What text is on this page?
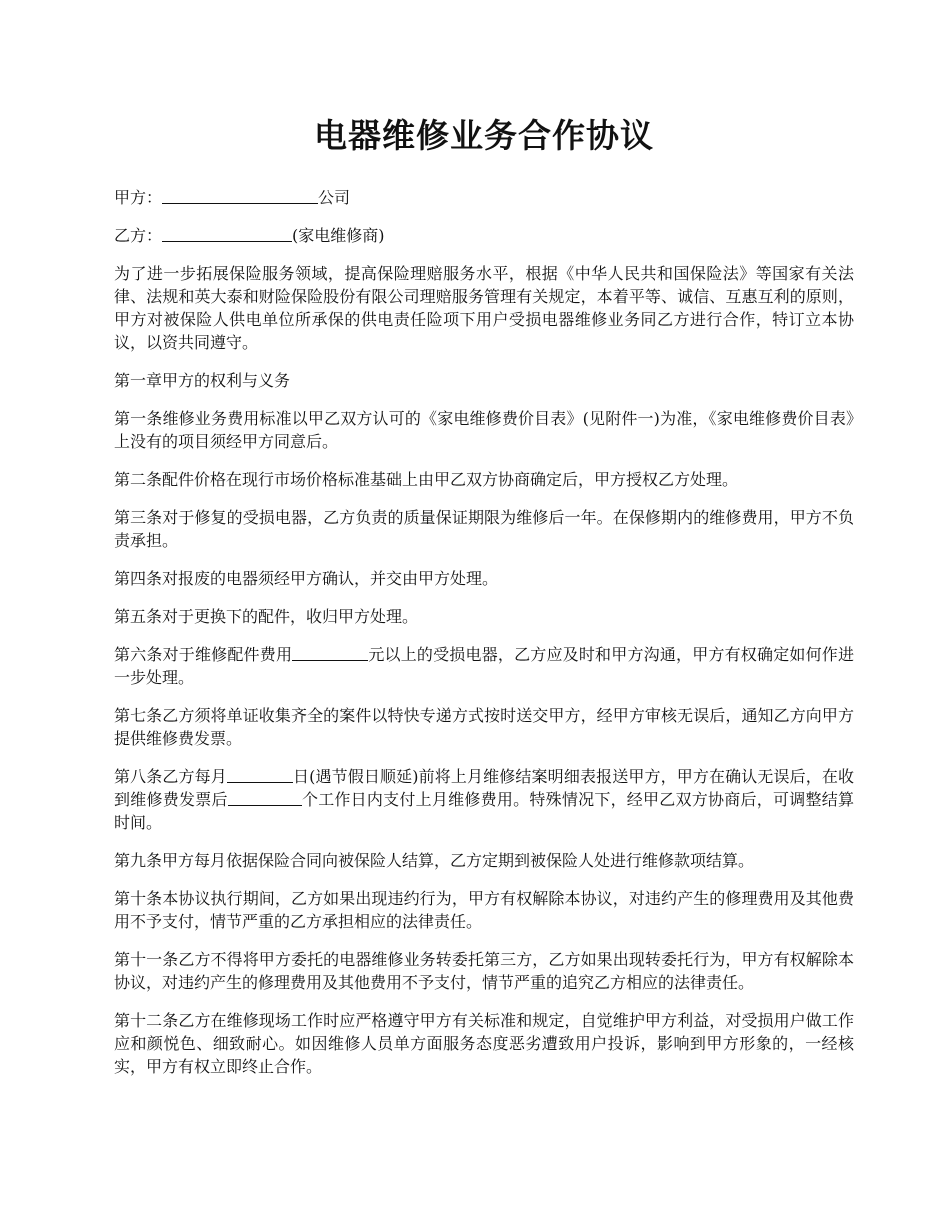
电器维修业务合作协议

甲方：	公司

乙方：	(家电维修商)

为了进一步拓展保险服务领域，提高保险理赔服务水平，根据《中华人民共和国保险法》等国家有关法律、法规和英大泰和财险保险股份有限公司理赔服务管理有关规定，本着平等、诚信、互惠互利的原则，甲方对被保险人供电单位所承保的供电责任险项下用户受损电器维修业务同乙方进行合作，特订立本协议，以资共同遵守。

第一章甲方的权利与义务

第一条维修业务费用标准以甲乙双方认可的《家电维修费价目表》(见附件一)为准，《家电维修费价目表》上没有的项目须经甲方同意后。

第二条配件价格在现行市场价格标准基础上由甲乙双方协商确定后，甲方授权乙方处理。

第三条对于修复的受损电器，乙方负责的质量保证期限为维修后一年。在保修期内的维修费用，甲方不负责承担。

第四条对报废的电器须经甲方确认，并交由甲方处理。

第五条对于更换下的配件，收归甲方处理。

第六条对于维修配件费用	元以上的受损电器，乙方应及时和甲方沟通，甲方有权确定如何作进一步处理。

第七条乙方须将单证收集齐全的案件以特快专递方式按时送交甲方，经甲方审核无误后，通知乙方向甲方提供维修费发票。

第八条乙方每月	日(遇节假日顺延)前将上月维修结案明细表报送甲方，甲方在确认无误后，在收到维修费发票后	个工作日内支付上月维修费用。特殊情况下，经甲乙双方协商后，可调整结算时间。

第九条甲方每月依据保险合同向被保险人结算，乙方定期到被保险人处进行维修款项结算。

第十条本协议执行期间，乙方如果出现违约行为，甲方有权解除本协议，对违约产生的修理费用及其他费用不予支付，情节严重的乙方承担相应的法律责任。

第十一条乙方不得将甲方委托的电器维修业务转委托第三方，乙方如果出现转委托行为，甲方有权解除本协议，对违约产生的修理费用及其他费用不予支付，情节严重的追究乙方相应的法律责任。

第十二条乙方在维修现场工作时应严格遵守甲方有关标准和规定，自觉维护甲方利益，对受损用户做工作应和颜悦色、细致耐心。如因维修人员单方面服务态度恶劣遭致用户投诉，影响到甲方形象的，一经核实，甲方有权立即终止合作。
